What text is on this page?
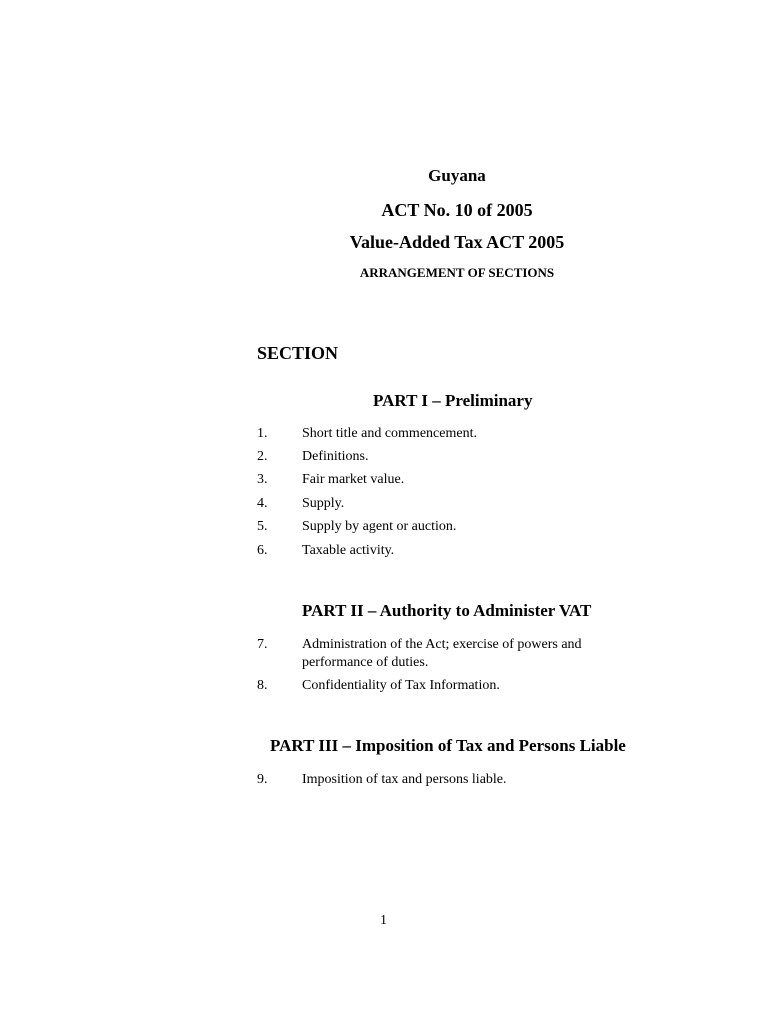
Guyana
ACT No. 10 of 2005
Value-Added Tax ACT 2005
ARRANGEMENT OF SECTIONS
SECTION
PART I – Preliminary
1. Short title and commencement.
2. Definitions.
3. Fair market value.
4. Supply.
5. Supply by agent or auction.
6. Taxable activity.
PART II – Authority to Administer VAT
7. Administration of the Act; exercise of powers and performance of duties.
8. Confidentiality of Tax Information.
PART III – Imposition of Tax and Persons Liable
9. Imposition of tax and persons liable.
1
